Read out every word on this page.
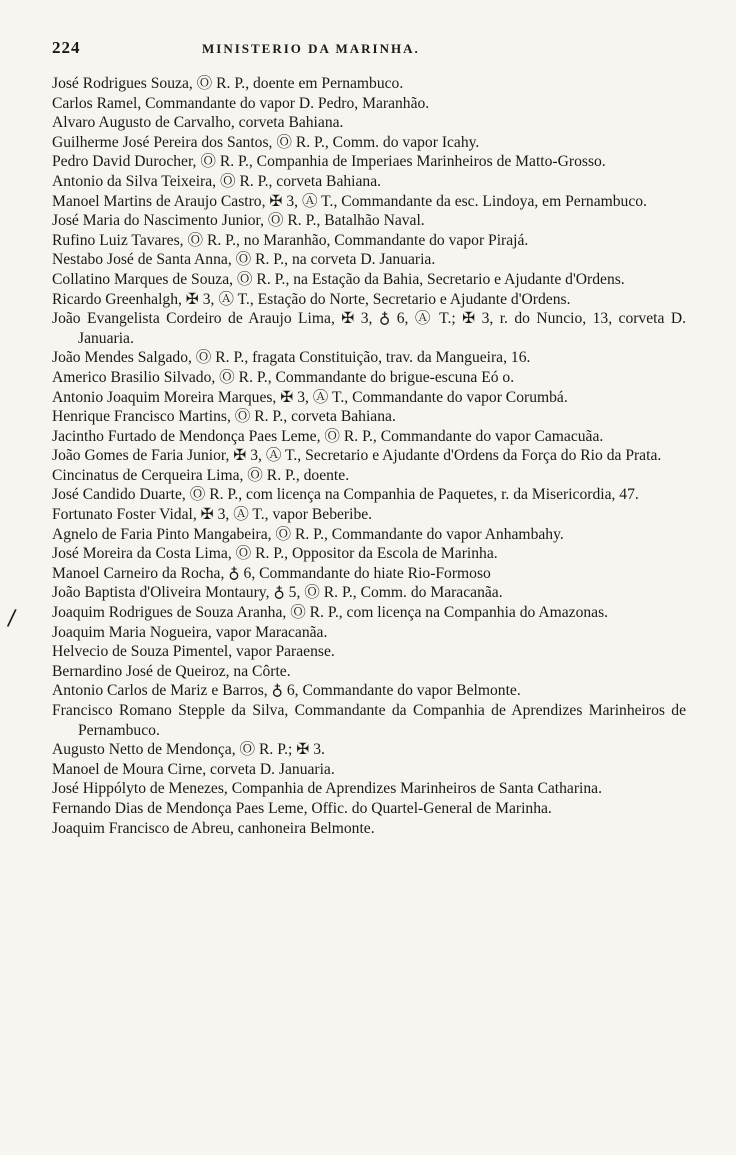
224	MINISTERIO DA MARINHA.
/

José Rodrigues Souza, Ⓞ R. P., doente em Pernambuco.

Carlos Ramel, Commandante do vapor D. Pedro, Maranhão.

Alvaro Augusto de Carvalho, corveta Bahiana.

Guilherme José Pereira dos Santos, Ⓞ R. P., Comm. do vapor Icahy.

Pedro David Durocher, Ⓞ R. P., Companhia de Imperiaes Marinheiros de Matto-Grosso.

Antonio da Silva Teixeira, Ⓞ R. P., corveta Bahiana.

Manoel Martins de Araujo Castro, ✠ 3, Ⓐ T., Commandante da esc. Lindoya, em Pernambuco.

José Maria do Nascimento Junior, Ⓞ R. P., Batalhão Naval.

Rufino Luiz Tavares, Ⓞ R. P., no Maranhão, Commandante do vapor Pirajá.

Nestabo José de Santa Anna, Ⓞ R. P., na corveta D. Januaria.

Collatino Marques de Souza, Ⓞ R. P., na Estação da Bahia, Secretario e Ajudante d'Ordens.

Ricardo Greenhalgh, ✠ 3, Ⓐ T., Estação do Norte, Secretario e Ajudante d'Ordens.

João Evangelista Cordeiro de Araujo Lima, ✠ 3, ♁ 6, Ⓐ T.; ✠ 3, r. do Nuncio, 13, corveta D. Januaria.

João Mendes Salgado, Ⓞ R. P., fragata Constituição, trav. da Mangueira, 16.

Americo Brasilio Silvado, Ⓞ R. P., Commandante do brigue-escuna Eó o.

Antonio Joaquim Moreira Marques, ✠ 3, Ⓐ T., Commandante do vapor Corumbá.

Henrique Francisco Martins, Ⓞ R. P., corveta Bahiana.

Jacintho Furtado de Mendonça Paes Leme, Ⓞ R. P., Commandante do vapor Camacuãa.

João Gomes de Faria Junior, ✠ 3, Ⓐ T., Secretario e Ajudante d'Ordens da Força do Rio da Prata.

Cincinatus de Cerqueira Lima, Ⓞ R. P., doente.

José Candido Duarte, Ⓞ R. P., com licença na Companhia de Paquetes, r. da Misericordia, 47.

Fortunato Foster Vidal, ✠ 3, Ⓐ T., vapor Beberibe.

Agnelo de Faria Pinto Mangabeira, Ⓞ R. P., Commandante do vapor Anhambahy.

José Moreira da Costa Lima, Ⓞ R. P., Oppositor da Escola de Marinha.

Manoel Carneiro da Rocha, ♁ 6, Commandante do hiate Rio-Formoso

João Baptista d'Oliveira Montaury, ♁ 5, Ⓞ R. P., Comm. do Maracanãa.

Joaquim Rodrigues de Souza Aranha, Ⓞ R. P., com licença na Companhia do Amazonas.

Joaquim Maria Nogueira, vapor Maracanãa.

Helvecio de Souza Pimentel, vapor Paraense.

Bernardino José de Queiroz, na Côrte.

Antonio Carlos de Mariz e Barros, ♁ 6, Commandante do vapor Belmonte.

Francisco Romano Stepple da Silva, Commandante da Companhia de Aprendizes Marinheiros de Pernambuco.

Augusto Netto de Mendonça, Ⓞ R. P.; ✠ 3.

Manoel de Moura Cirne, corveta D. Januaria.

José Hippólyto de Menezes, Companhia de Aprendizes Marinheiros de Santa Catharina.

Fernando Dias de Mendonça Paes Leme, Offic. do Quartel-General de Marinha.

Joaquim Francisco de Abreu, canhoneira Belmonte.
